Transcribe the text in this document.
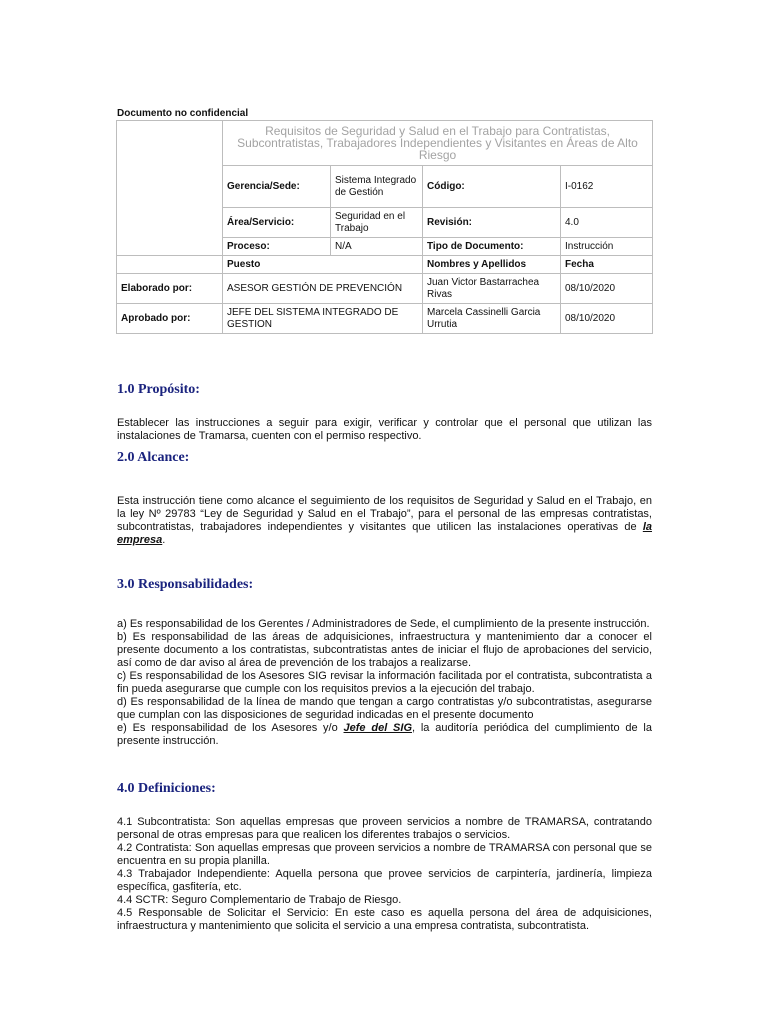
Documento no confidencial
	Requisitos de Seguridad y Salud en el Trabajo para Contratistas, Subcontratistas, Trabajadores Independientes y Visitantes en Áreas de Alto Riesgo			
	Gerencia/Sede:	Sistema Integrado de Gestión	Código:	I-0162
	Área/Servicio:	Seguridad en el Trabajo	Revisión:	4.0
	Proceso:	N/A	Tipo de Documento:	Instrucción
	Puesto		Nombres y Apellidos	Fecha
Elaborado por:	ASESOR GESTIÓN DE PREVENCIÓN		Juan Victor Bastarrachea Rivas	08/10/2020
Aprobado por:	JEFE DEL SISTEMA INTEGRADO DE GESTION		Marcela Cassinelli Garcia Urrutia	08/10/2020
1.0 Propósito:
Establecer las instrucciones a seguir para exigir, verificar y controlar que el personal que utilizan las instalaciones de Tramarsa, cuenten con el permiso respectivo.
2.0 Alcance:
Esta instrucción tiene como alcance el seguimiento de los requisitos de Seguridad y Salud en el Trabajo, en la ley Nº 29783 “Ley de Seguridad y Salud en el Trabajo”, para el personal de las empresas contratistas, subcontratistas, trabajadores independientes y visitantes que utilicen las instalaciones operativas de la empresa.
3.0 Responsabilidades:

a) Es responsabilidad de los Gerentes / Administradores de Sede, el cumplimiento de la presente instrucción.

b) Es responsabilidad de las áreas de adquisiciones, infraestructura y mantenimiento dar a conocer el presente documento a los contratistas, subcontratistas antes de iniciar el flujo de aprobaciones del servicio, así como de dar aviso al área de prevención de los trabajos a realizarse.

c) Es responsabilidad de los Asesores SIG revisar la información facilitada por el contratista, subcontratista a fin pueda asegurarse que cumple con los requisitos previos a la ejecución del trabajo.

d) Es responsabilidad de la línea de mando que tengan a cargo contratistas y/o subcontratistas, asegurarse que cumplan con las disposiciones de seguridad indicadas en el presente documento

e) Es responsabilidad de los Asesores y/o Jefe del SIG, la auditoría periódica del cumplimiento de la presente instrucción.

4.0 Definiciones:

4.1 Subcontratista: Son aquellas empresas que proveen servicios a nombre de TRAMARSA, contratando personal de otras empresas para que realicen los diferentes trabajos o servicios.

4.2 Contratista: Son aquellas empresas que proveen servicios a nombre de TRAMARSA con personal que se encuentra en su propia planilla.

4.3 Trabajador Independiente: Aquella persona que provee servicios de carpintería, jardinería, limpieza específica, gasfitería, etc.

4.4 SCTR: Seguro Complementario de Trabajo de Riesgo.

4.5 Responsable de Solicitar el Servicio: En este caso es aquella persona del área de adquisiciones, infraestructura y mantenimiento que solicita el servicio a una empresa contratista, subcontratista.
